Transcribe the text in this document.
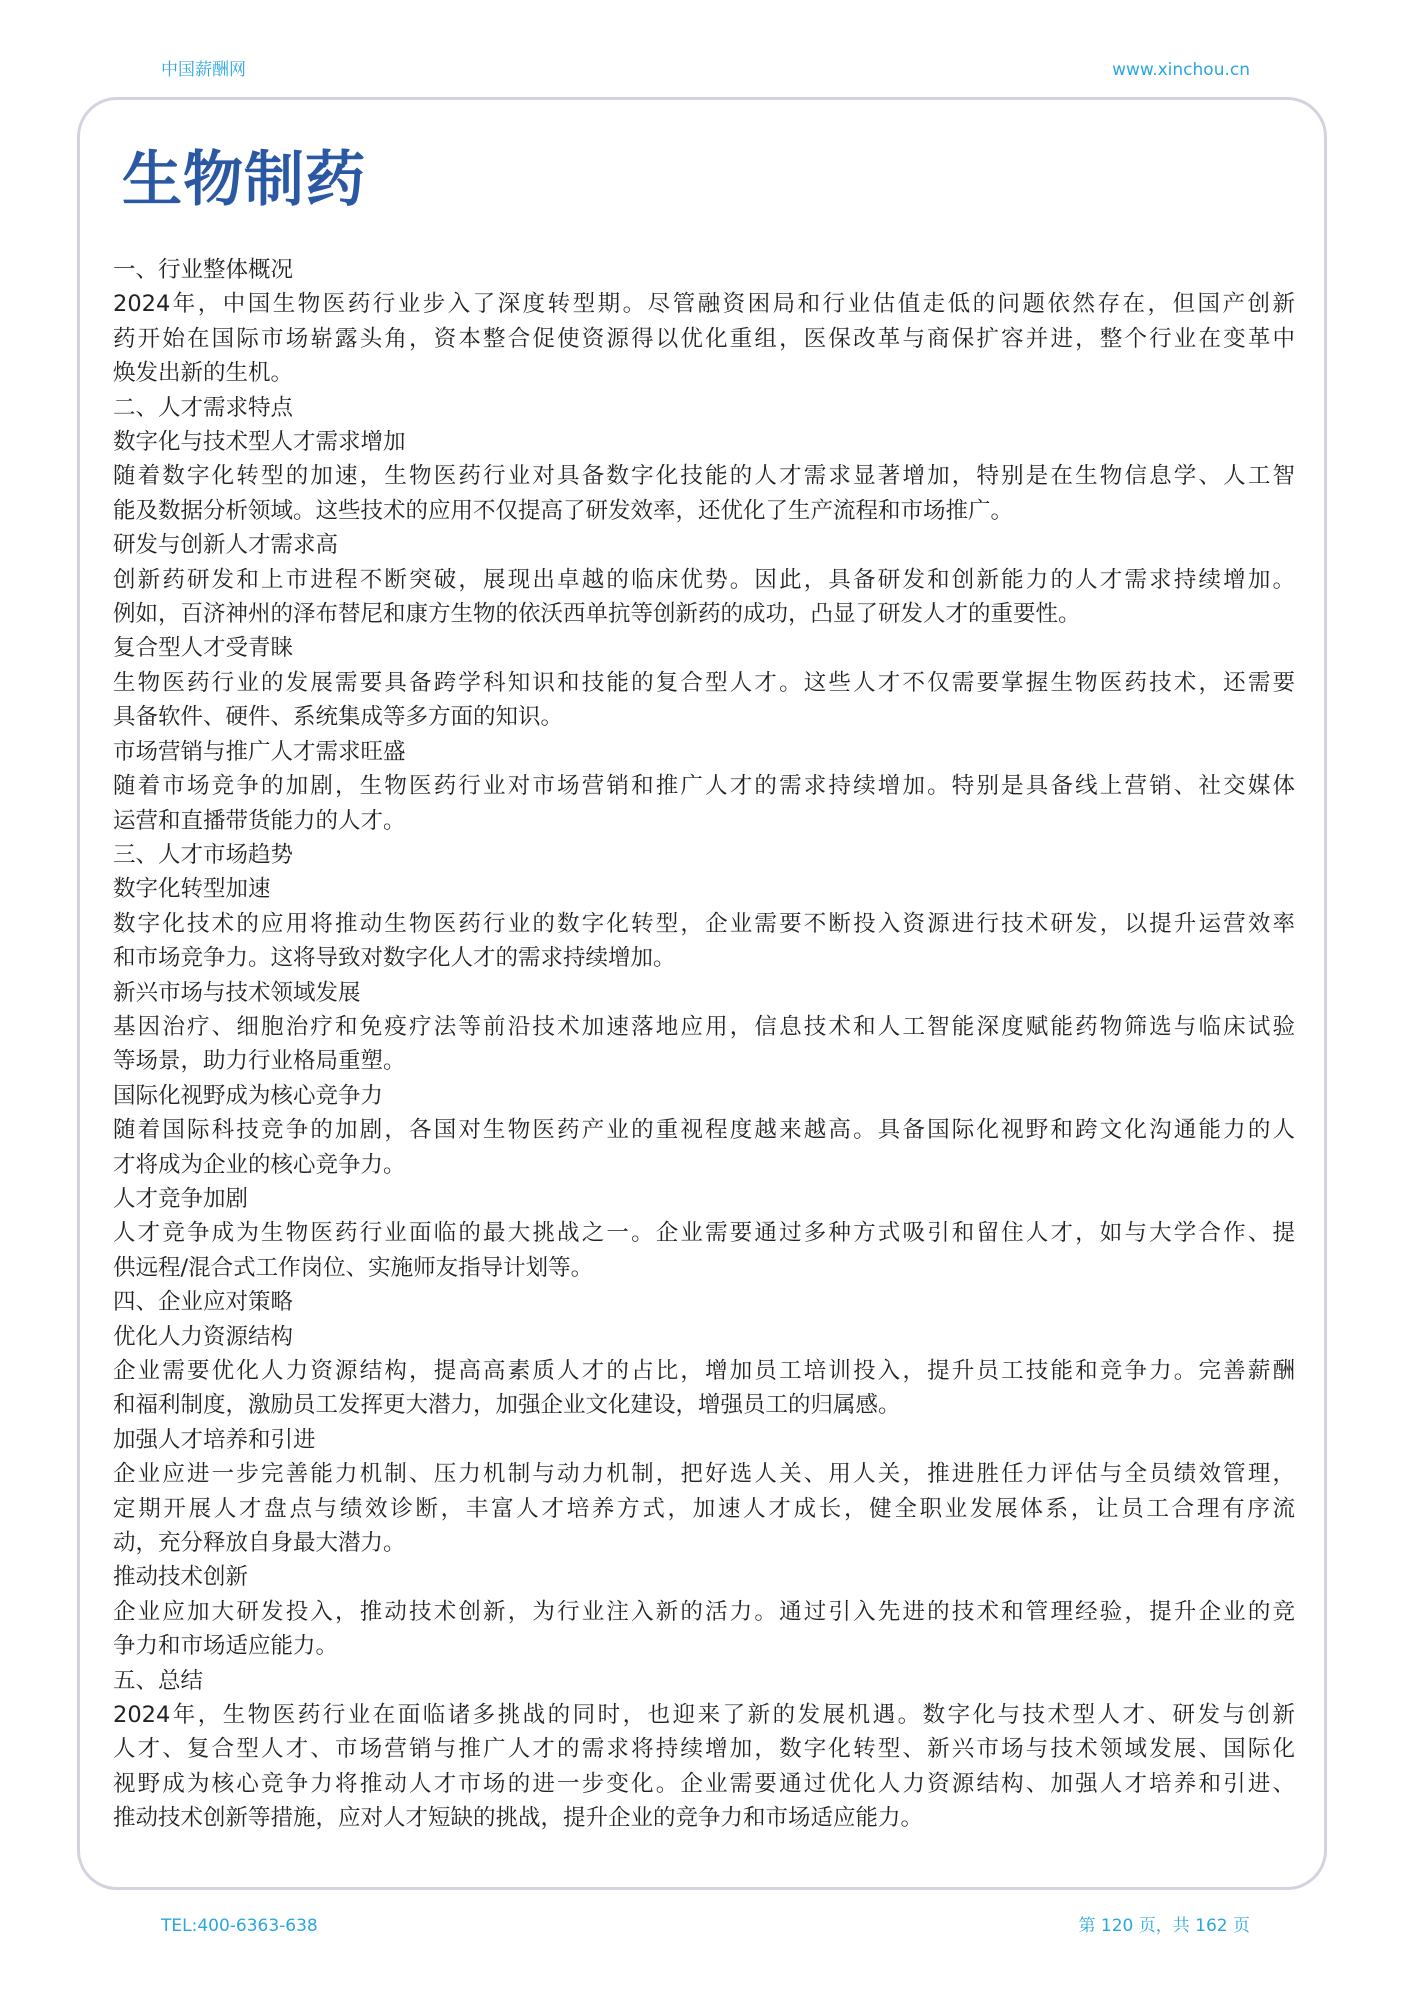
中国薪酬网	www.xinchou.cn
生物制药
一、行业整体概况
2024年，中国生物医药行业步入了深度转型期。尽管融资困局和行业估值走低的问题依然存在，但国产创新
药开始在国际市场崭露头角，资本整合促使资源得以优化重组，医保改革与商保扩容并进，整个行业在变革中
焕发出新的生机。
二、人才需求特点
数字化与技术型人才需求增加
随着数字化转型的加速，生物医药行业对具备数字化技能的人才需求显著增加，特别是在生物信息学、人工智
能及数据分析领域。这些技术的应用不仅提高了研发效率，还优化了生产流程和市场推广。
研发与创新人才需求高
创新药研发和上市进程不断突破，展现出卓越的临床优势。因此，具备研发和创新能力的人才需求持续增加。
例如，百济神州的泽布替尼和康方生物的依沃西单抗等创新药的成功，凸显了研发人才的重要性。
复合型人才受青睐
生物医药行业的发展需要具备跨学科知识和技能的复合型人才。这些人才不仅需要掌握生物医药技术，还需要
具备软件、硬件、系统集成等多方面的知识。
市场营销与推广人才需求旺盛
随着市场竞争的加剧，生物医药行业对市场营销和推广人才的需求持续增加。特别是具备线上营销、社交媒体
运营和直播带货能力的人才。
三、人才市场趋势
数字化转型加速
数字化技术的应用将推动生物医药行业的数字化转型，企业需要不断投入资源进行技术研发，以提升运营效率
和市场竞争力。这将导致对数字化人才的需求持续增加。
新兴市场与技术领域发展
基因治疗、细胞治疗和免疫疗法等前沿技术加速落地应用，信息技术和人工智能深度赋能药物筛选与临床试验
等场景，助力行业格局重塑。
国际化视野成为核心竞争力
随着国际科技竞争的加剧，各国对生物医药产业的重视程度越来越高。具备国际化视野和跨文化沟通能力的人
才将成为企业的核心竞争力。
人才竞争加剧
人才竞争成为生物医药行业面临的最大挑战之一。企业需要通过多种方式吸引和留住人才，如与大学合作、提
供远程/混合式工作岗位、实施师友指导计划等。
四、企业应对策略
优化人力资源结构
企业需要优化人力资源结构，提高高素质人才的占比，增加员工培训投入，提升员工技能和竞争力。完善薪酬
和福利制度，激励员工发挥更大潜力，加强企业文化建设，增强员工的归属感。
加强人才培养和引进
企业应进一步完善能力机制、压力机制与动力机制，把好选人关、用人关，推进胜任力评估与全员绩效管理，
定期开展人才盘点与绩效诊断，丰富人才培养方式，加速人才成长，健全职业发展体系，让员工合理有序流
动，充分释放自身最大潜力。
推动技术创新
企业应加大研发投入，推动技术创新，为行业注入新的活力。通过引入先进的技术和管理经验，提升企业的竞
争力和市场适应能力。
五、总结
2024年，生物医药行业在面临诸多挑战的同时，也迎来了新的发展机遇。数字化与技术型人才、研发与创新
人才、复合型人才、市场营销与推广人才的需求将持续增加，数字化转型、新兴市场与技术领域发展、国际化
视野成为核心竞争力将推动人才市场的进一步变化。企业需要通过优化人力资源结构、加强人才培养和引进、
推动技术创新等措施，应对人才短缺的挑战，提升企业的竞争力和市场适应能力。
TEL:400-6363-638	第 120 页，共 162 页
